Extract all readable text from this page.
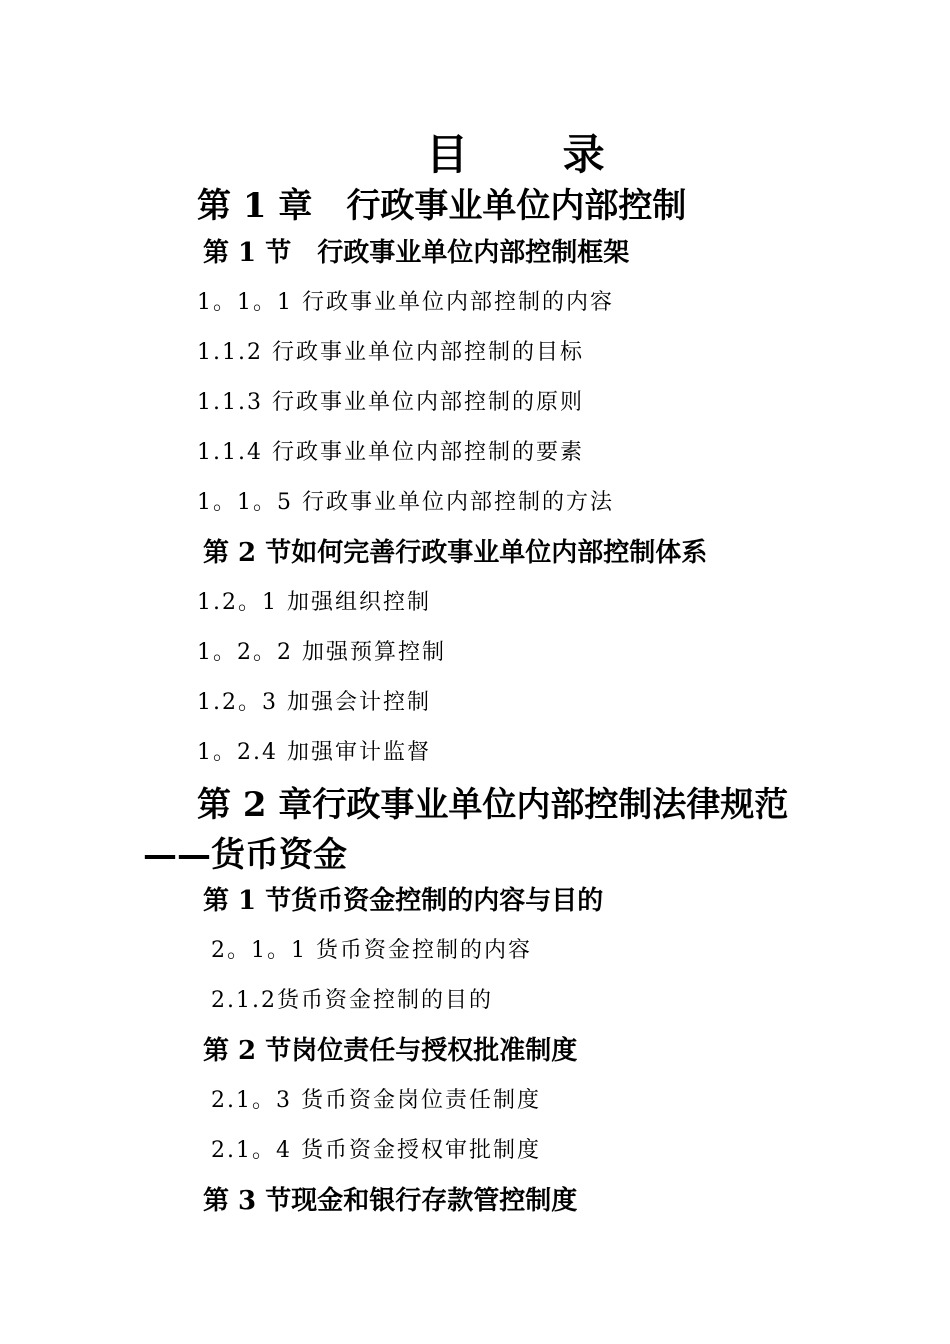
目 录
第 1 章　行政事业单位内部控制
第 1 节　行政事业单位内部控制框架
1。1。1 行政事业单位内部控制的内容
1.1.2 行政事业单位内部控制的目标
1.1.3 行政事业单位内部控制的原则
1.1.4 行政事业单位内部控制的要素
1。1。5 行政事业单位内部控制的方法
第 2 节如何完善行政事业单位内部控制体系
1.2。1 加强组织控制
1。2。2 加强预算控制
1.2。3 加强会计控制
1。2.4 加强审计监督
第 2 章行政事业单位内部控制法律规范
——货币资金
第 1 节货币资金控制的内容与目的
2。1。1 货币资金控制的内容
2.1.2货币资金控制的目的
第 2 节岗位责任与授权批准制度
2.1。3 货币资金岗位责任制度
2.1。4 货币资金授权审批制度
第 3 节现金和银行存款管控制度
